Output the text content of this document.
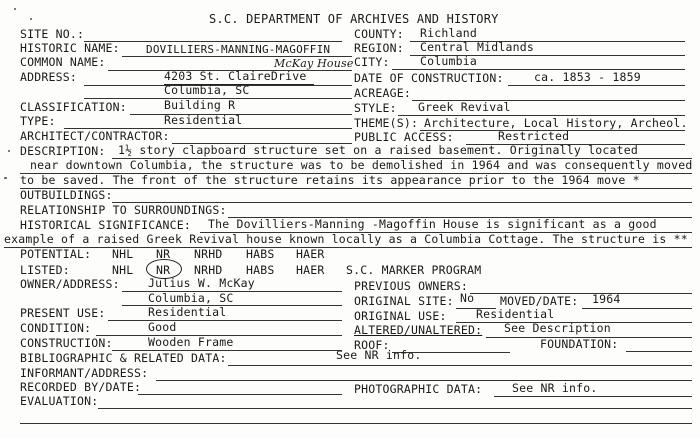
S.C. DEPARTMENT OF ARCHIVES AND HISTORY
SITE NO.:	COUNTY: Richland
HISTORIC NAME: DOVILLIERS-MANNING-MAGOFFIN REGION: Central Midlands
COMMON NAME:	McKay House CITY:	Columbia
ADDRESS:	4203 St. ClaireDrive
Columbia, SC
DATE OF CONSTRUCTION:	ca. 1853 - 1859
ACREAGE:
CLASSIFICATION:	Building R	STYLE: Greek Revival
TYPE:	Residential	THEME(S): Architecture, Local History, Archeol.
ARCHITECT/CONTRACTOR:	PUBLIC ACCESS:	Restricted
DESCRIPTION: 1½ story clapboard structure set on a raised basement. Originally located
near downtown Columbia, the structure was to be demolished in 1964 and was consequently moved
to be saved. The front of the structure retains its appearance prior to the 1964 move *
OUTBUILDINGS:
RELATIONSHIP TO SURROUNDINGS:
HISTORICAL SIGNIFICANCE: The Dovilliers-Manning -Magoffin House is significant as a good
example of a raised Greek Revival house known locally as a Columbia Cottage. The structure is **
POTENTIAL: NHL NR NRHD HABS HAER
LISTED:	NHL NR NRHD HABS HAER S.C. MARKER PROGRAM
OWNER/ADDRESS: Julius W. McKay
Columbia, SC
PREVIOUS OWNERS:
ORIGINAL SITE: No MOVED/DATE: 1964
PRESENT USE:	Residential	ORIGINAL USE:	Residential
CONDITION:	Good	ALTERED/UNALTERED: See Description
CONSTRUCTION:	Wooden Frame	ROOF:	FOUNDATION:
BIBLIOGRAPHIC & RELATED DATA:	See NR info.
INFORMANT/ADDRESS:
RECORDED BY/DATE:	PHOTOGRAPHIC DATA:	See NR info.
EVALUATION:
